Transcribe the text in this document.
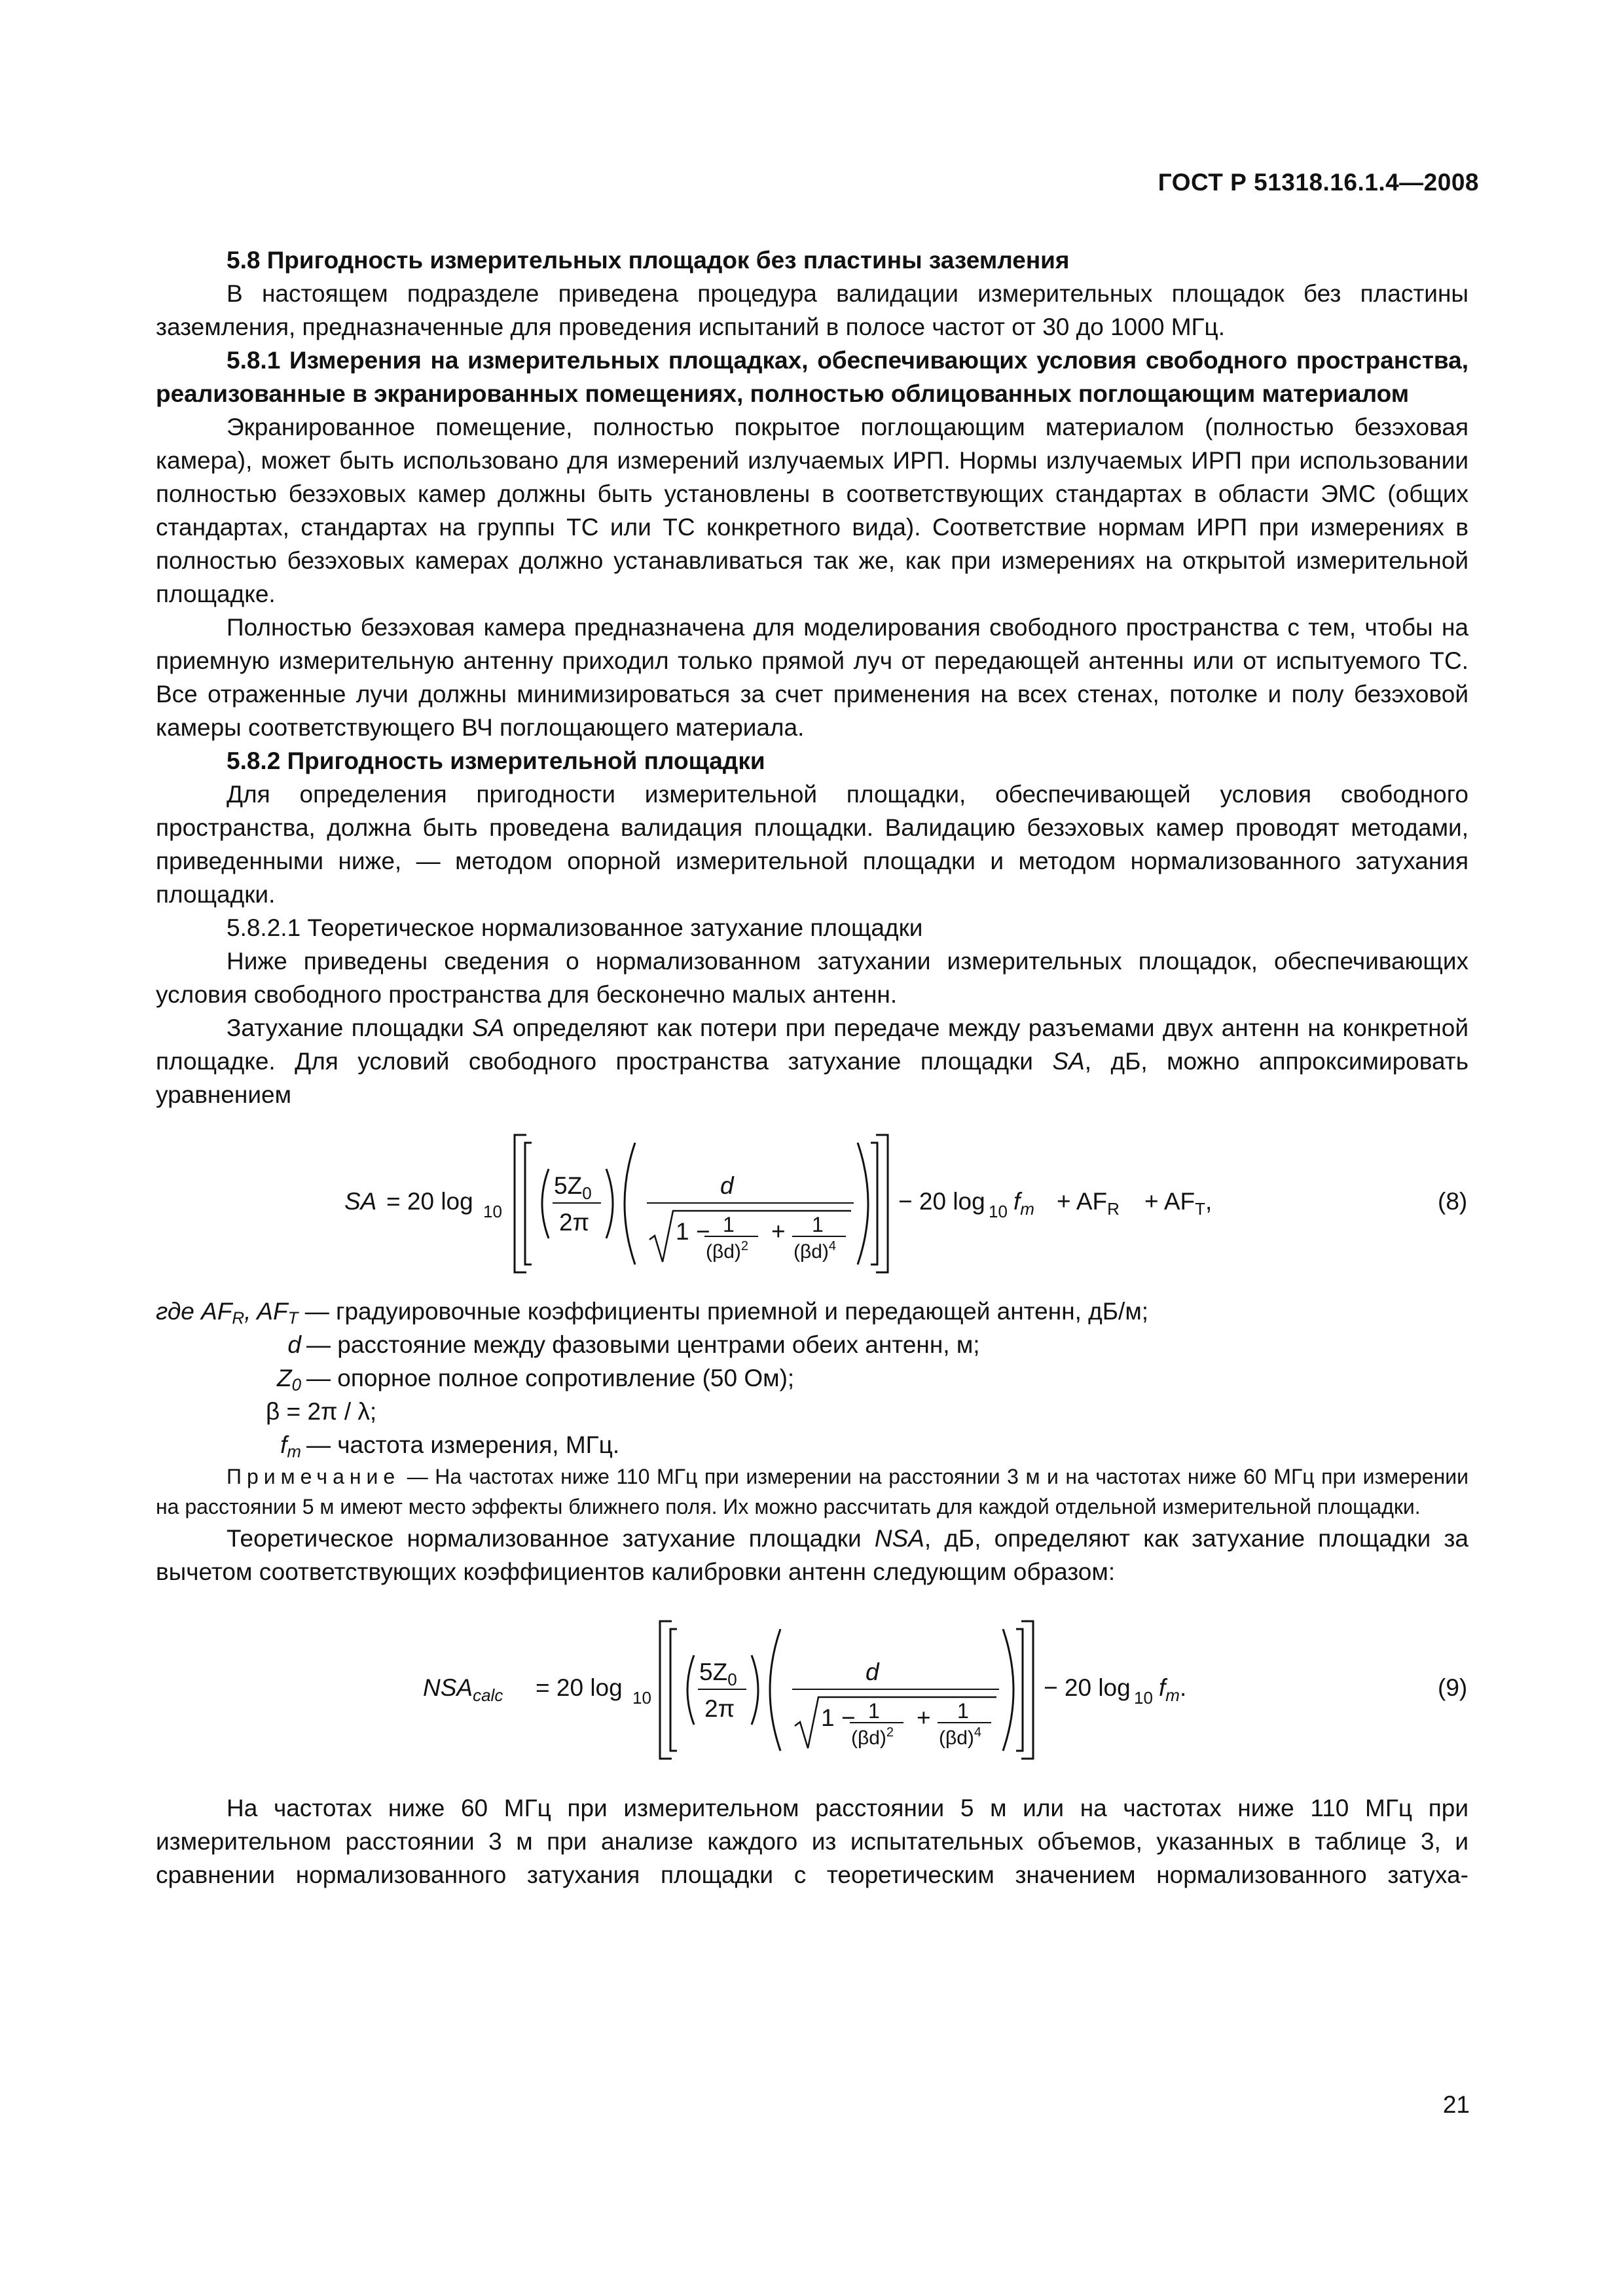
ГОСТ Р 51318.16.1.4—2008

5.8 Пригодность измерительных площадок без пластины заземления

В настоящем подразделе приведена процедура валидации измерительных площадок без пластины заземления, предназначенные для проведения испытаний в полосе частот от 30 до 1000 МГц.

5.8.1 Измерения на измерительных площадках, обеспечивающих условия свободного пространства, реализованные в экранированных помещениях, полностью облицованных поглощающим материалом

Экранированное помещение, полностью покрытое поглощающим материалом (полностью безэховая камера), может быть использовано для измерений излучаемых ИРП. Нормы излучаемых ИРП при использовании полностью безэховых камер должны быть установлены в соответствующих стандартах в области ЭМС (общих стандартах, стандартах на группы ТС или ТС конкретного вида). Соответствие нормам ИРП при измерениях в полностью безэховых камерах должно устанавливаться так же, как при измерениях на открытой измерительной площадке.

Полностью безэховая камера предназначена для моделирования свободного пространства с тем, чтобы на приемную измерительную антенну приходил только прямой луч от передающей антенны или от испытуемого ТС. Все отраженные лучи должны минимизироваться за счет применения на всех стенах, потолке и полу безэховой камеры соответствующего ВЧ поглощающего материала.

5.8.2 Пригодность измерительной площадки

Для определения пригодности измерительной площадки, обеспечивающей условия свободного пространства, должна быть проведена валидация площадки. Валидацию безэховых камер проводят методами, приведенными ниже, — методом опорной измерительной площадки и методом нормализованного затухания площадки.

5.8.2.1 Теоретическое нормализованное затухание площадки

Ниже приведены сведения о нормализованном затухании измерительных площадок, обеспечивающих условия свободного пространства для бесконечно малых антенн.

Затухание площадки SA определяют как потери при передаче между разъемами двух антенн на конкретной площадке. Для условий свободного пространства затухание площадки SA, дБ, можно аппроксимировать уравнением

SA = 20 log 10
$5Z_0$
2π
d
1 − 1
$(\beta d)^2$
+ 1
$(\beta d)^4$
− 20 log 10 $f_m + AF_R + AF_T$,	(8)
где $AF_R$, $AF_T$ — градуировочные коэффициенты приемной и передающей антенн, дБ/м;
d — расстояние между фазовыми центрами обеих антенн, м;
$Z_0$ — опорное полное сопротивление (50 Ом);
β = 2π / λ;
$f_m$ — частота измерения, МГц.

Примечание — На частотах ниже 110 МГц при измерении на расстоянии 3 м и на частотах ниже 60 МГц при измерении на расстоянии 5 м имеют место эффекты ближнего поля. Их можно рассчитать для каждой отдельной измерительной площадки.

Теоретическое нормализованное затухание площадки NSA, дБ, определяют как затухание площадки за вычетом соответствующих коэффициентов калибровки антенн следующим образом:

$NSA_{calc} = 20$ log 10
$5Z_0$
2π
d
1 − 1
$(\beta d)^2$
+ 1
$(\beta d)^4$
− 20 log 10 $f_m$.	(9)

На частотах ниже 60 МГц при измерительном расстоянии 5 м или на частотах ниже 110 МГц при измерительном расстоянии 3 м при анализе каждого из испытательных объемов, указанных в таблице 3, и сравнении нормализованного затухания площадки с теоретическим значением нормализованного затуха-

21
